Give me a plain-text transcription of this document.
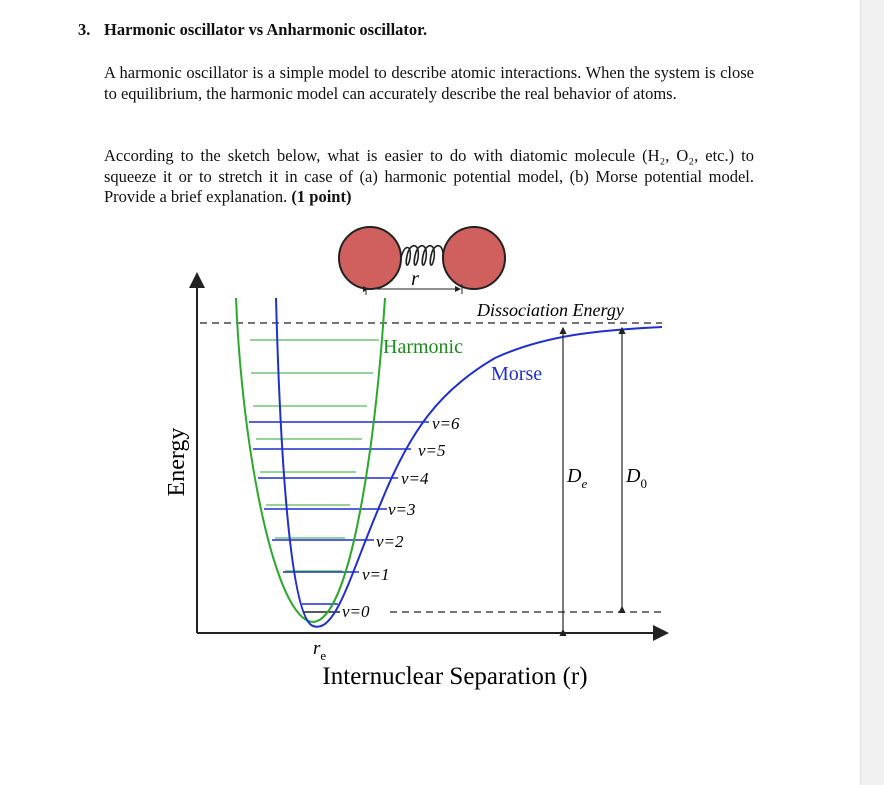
3. Harmonic oscillator vs Anharmonic oscillator.
A harmonic oscillator is a simple model to describe atomic interactions. When the system is close to equilibrium, the harmonic model can accurately describe the real behavior of atoms.
According to the sketch below, what is easier to do with diatomic molecule (H₂, O₂, etc.) to squeeze it or to stretch it in case of (a) harmonic potential model, (b) Morse potential model. Provide a brief explanation. (1 point)
r
Dissociation Energy
Harmonic
Morse
v=6
v=5
v=4
v=3
v=2
v=1
v=0
$D_e$ $D_0$
$r_e$
Energy
Internuclear Separation (r)
